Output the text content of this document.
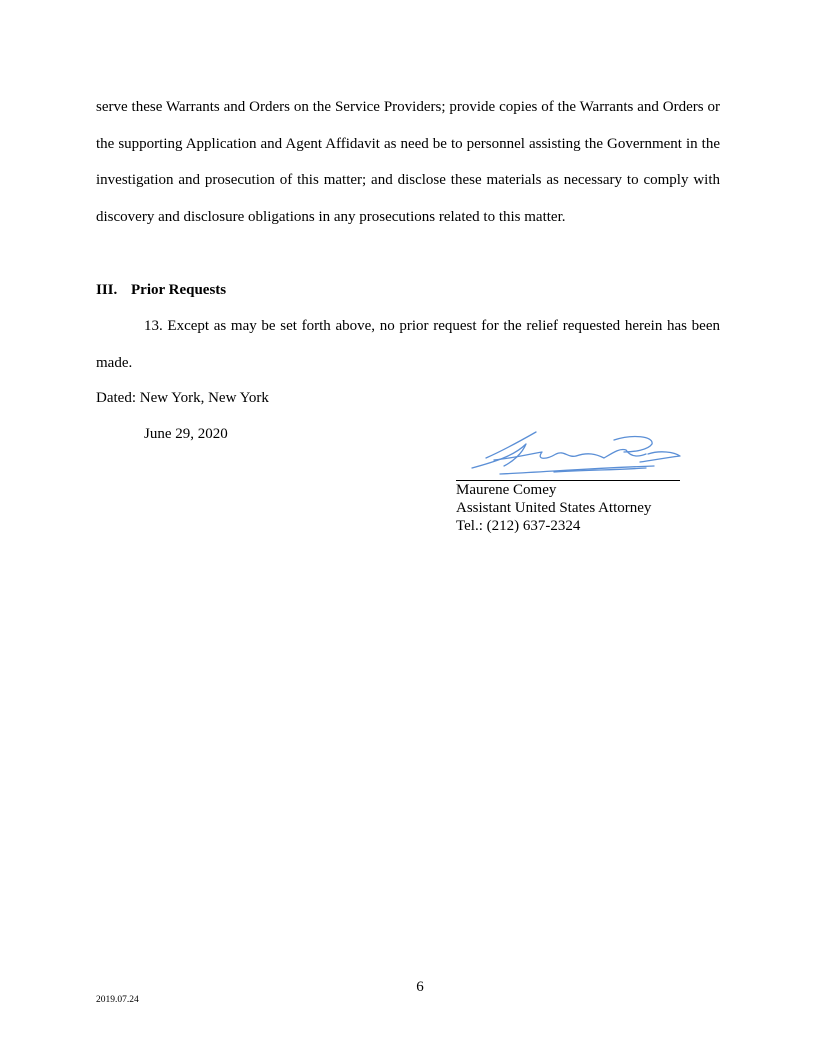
serve these Warrants and Orders on the Service Providers; provide copies of the Warrants and Orders or the supporting Application and Agent Affidavit as need be to personnel assisting the Government in the investigation and prosecution of this matter; and disclose these materials as necessary to comply with discovery and disclosure obligations in any prosecutions related to this matter.
III. Prior Requests
13. Except as may be set forth above, no prior request for the relief requested herein has been made.
Dated: New York, New York
June 29, 2020
Maurene Comey
Assistant United States Attorney
Tel.: (212) 637-2324
6
2019.07.24
